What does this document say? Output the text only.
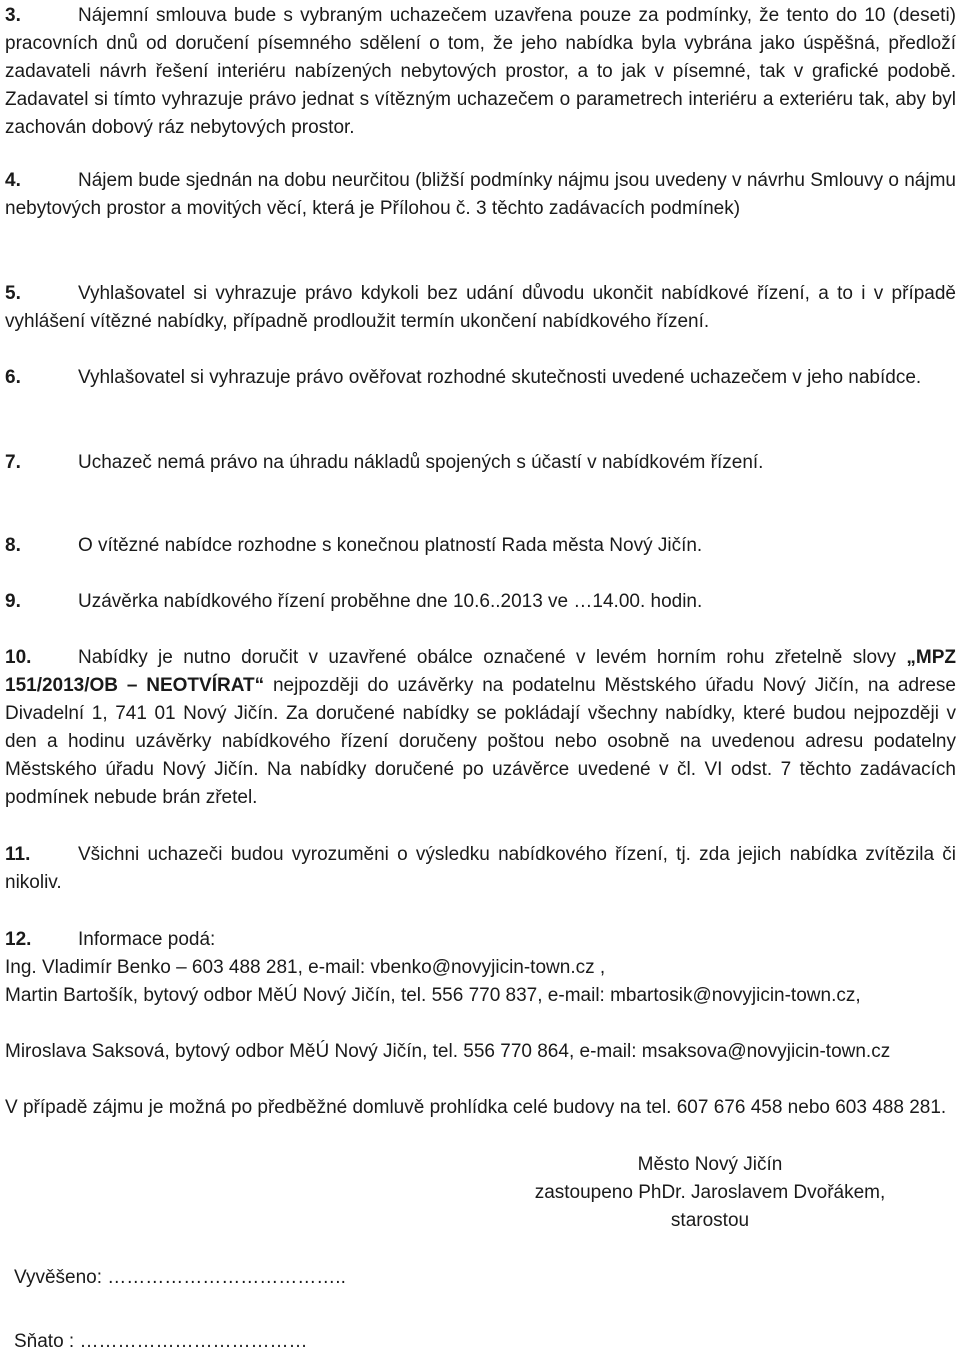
3.	Nájemní smlouva bude s vybraným uchazečem uzavřena pouze za podmínky, že tento do 10 (deseti) pracovních dnů od doručení písemného sdělení o tom, že jeho nabídka byla vybrána jako úspěšná, předloží zadavateli návrh řešení interiéru nabízených nebytových prostor, a to jak v písemné, tak v grafické podobě. Zadavatel si tímto vyhrazuje právo jednat s vítězným uchazečem o parametrech interiéru a exteriéru tak, aby byl zachován dobový ráz nebytových prostor.

4.	Nájem bude sjednán na dobu neurčitou (bližší podmínky nájmu jsou uvedeny v návrhu Smlouvy o nájmu nebytových prostor a movitých věcí, která je Přílohou č. 3 těchto zadávacích podmínek)

5.	Vyhlašovatel si vyhrazuje právo kdykoli bez udání důvodu ukončit nabídkové řízení, a to i v případě vyhlášení vítězné nabídky, případně prodloužit termín ukončení nabídkového řízení.

6.	Vyhlašovatel si vyhrazuje právo ověřovat rozhodné skutečnosti uvedené uchazečem v jeho nabídce.

7.	Uchazeč nemá právo na úhradu nákladů spojených s účastí v nabídkovém řízení.

8.	O vítězné nabídce rozhodne s konečnou platností Rada města Nový Jičín.

9.	Uzávěrka nabídkového řízení proběhne dne 10.6..2013 ve …14.00. hodin.

10. Nabídky je nutno doručit v uzavřené obálce označené v levém horním rohu zřetelně slovy „MPZ 151/2013/OB – NEOTVÍRAT“ nejpozději do uzávěrky na podatelnu Městského úřadu Nový Jičín, na adrese Divadelní 1, 741 01 Nový Jičín. Za doručené nabídky se pokládají všechny nabídky, které budou nejpozději v den a hodinu uzávěrky nabídkového řízení doručeny poštou nebo osobně na uvedenou adresu podatelny Městského úřadu Nový Jičín. Na nabídky doručené po uzávěrce uvedené v čl. VI odst. 7 těchto zadávacích podmínek nebude brán zřetel.

11.	Všichni uchazeči budou vyrozuměni o výsledku nabídkového řízení, tj. zda jejich nabídka zvítězila či nikoliv.

12. Informace podá:

Ing. Vladimír Benko – 603 488 281, e-mail: vbenko@novyjicin-town.cz ,

Martin Bartošík, bytový odbor MěÚ Nový Jičín, tel. 556 770 837, e-mail: mbartosik@novyjicin-town.cz,

Miroslava Saksová, bytový odbor MěÚ Nový Jičín, tel. 556 770 864, e-mail: msaksova@novyjicin-town.cz

V případě zájmu je možná po předběžné domluvě prohlídka celé budovy na tel. 607 676 458 nebo 603 488 281.

Město Nový Jičín
zastoupeno PhDr. Jaroslavem Dvořákem,
starostou
Vyvěšeno: ………………………………..
Sňato : ………………………………
